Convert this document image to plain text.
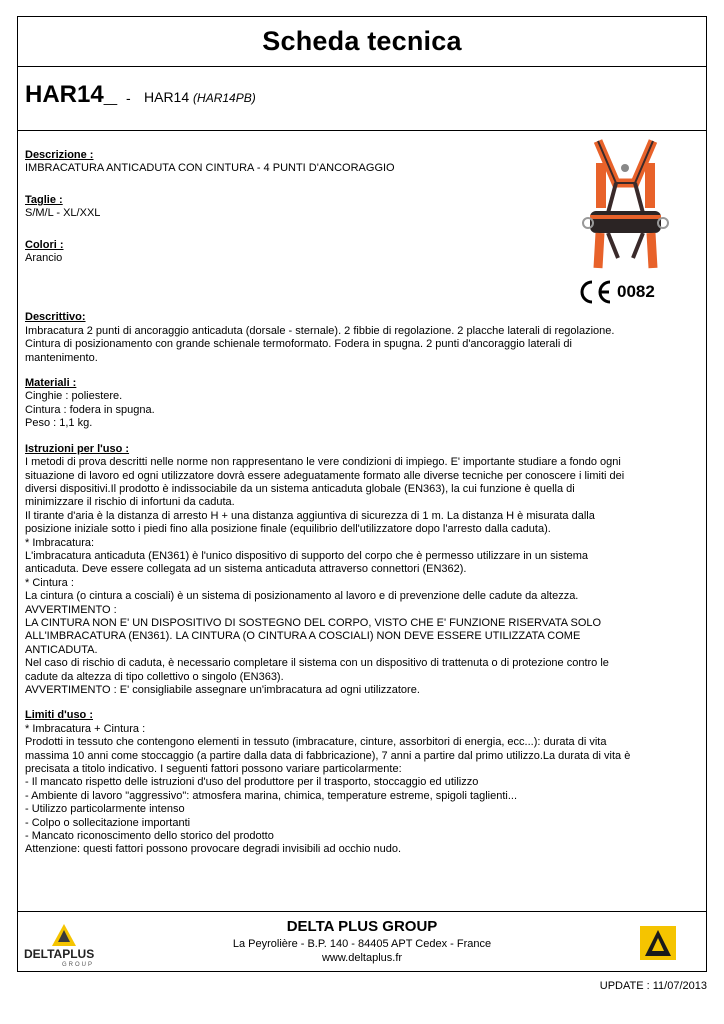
Scheda tecnica
HAR14_ - HAR14 (HAR14PB)
0082

Descrizione :

IMBRACATURA ANTICADUTA CON CINTURA - 4 PUNTI D'ANCORAGGIO

Taglie :

S/M/L - XL/XXL

Colori :

Arancio

Descrittivo:

Imbracatura 2 punti di ancoraggio anticaduta (dorsale - sternale). 2 fibbie di regolazione. 2 placche laterali di regolazione.

Cintura di posizionamento con grande schienale termoformato. Fodera in spugna. 2 punti d'ancoraggio laterali di

mantenimento.

Materiali :

Cinghie : poliestere.

Cintura : fodera in spugna.

Peso : 1,1 kg.

Istruzioni per l'uso :

I metodi di prova descritti nelle norme non rappresentano le vere condizioni di impiego. E' importante studiare a fondo ogni

situazione di lavoro ed ogni utilizzatore dovrà essere adeguatamente formato alle diverse tecniche per conoscere i limiti dei

diversi dispositivi.Il prodotto è indissociabile da un sistema anticaduta globale (EN363), la cui funzione è quella di

minimizzare il rischio di infortuni da caduta.

Il tirante d'aria è la distanza di arresto H + una distanza aggiuntiva di sicurezza di 1 m. La distanza H è misurata dalla

posizione iniziale sotto i piedi fino alla posizione finale (equilibrio dell'utilizzatore dopo l'arresto dalla caduta).

* Imbracatura:

L'imbracatura anticaduta (EN361) è l'unico dispositivo di supporto del corpo che è permesso utilizzare in un sistema

anticaduta. Deve essere collegata ad un sistema anticaduta attraverso connettori (EN362).

* Cintura :

La cintura (o cintura a cosciali) è un sistema di posizionamento al lavoro e di prevenzione delle cadute da altezza.

AVVERTIMENTO :

LA CINTURA NON E' UN DISPOSITIVO DI SOSTEGNO DEL CORPO, VISTO CHE E' FUNZIONE RISERVATA SOLO

ALL'IMBRACATURA (EN361). LA CINTURA (O CINTURA A COSCIALI) NON DEVE ESSERE UTILIZZATA COME

ANTICADUTA.

Nel caso di rischio di caduta, è necessario completare il sistema con un dispositivo di trattenuta o di protezione contro le

cadute da altezza di tipo collettivo o singolo (EN363).

AVVERTIMENTO : E' consigliabile assegnare un'imbracatura ad ogni utilizzatore.

Limiti d'uso :

* Imbracatura + Cintura :

Prodotti in tessuto che contengono elementi in tessuto (imbracature, cinture, assorbitori di energia, ecc...): durata di vita

massima 10 anni come stoccaggio (a partire dalla data di fabbricazione), 7 anni a partire dal primo utilizzo.La durata di vita è

precisata a titolo indicativo. I seguenti fattori possono variare particolarmente:

- Il mancato rispetto delle istruzioni d'uso del produttore per il trasporto, stoccaggio ed utilizzo

- Ambiente di lavoro "aggressivo": atmosfera marina, chimica, temperature estreme, spigoli taglienti...

- Utilizzo particolarmente intenso

- Colpo o sollecitazione importanti

- Mancato riconoscimento dello storico del prodotto

Attenzione: questi fattori possono provocare degradi invisibili ad occhio nudo.

DELTAPLUS
GROUP
DELTA PLUS GROUP
La Peyrolière - B.P. 140 - 84405 APT Cedex - France
www.deltaplus.fr
UPDATE : 11/07/2013
